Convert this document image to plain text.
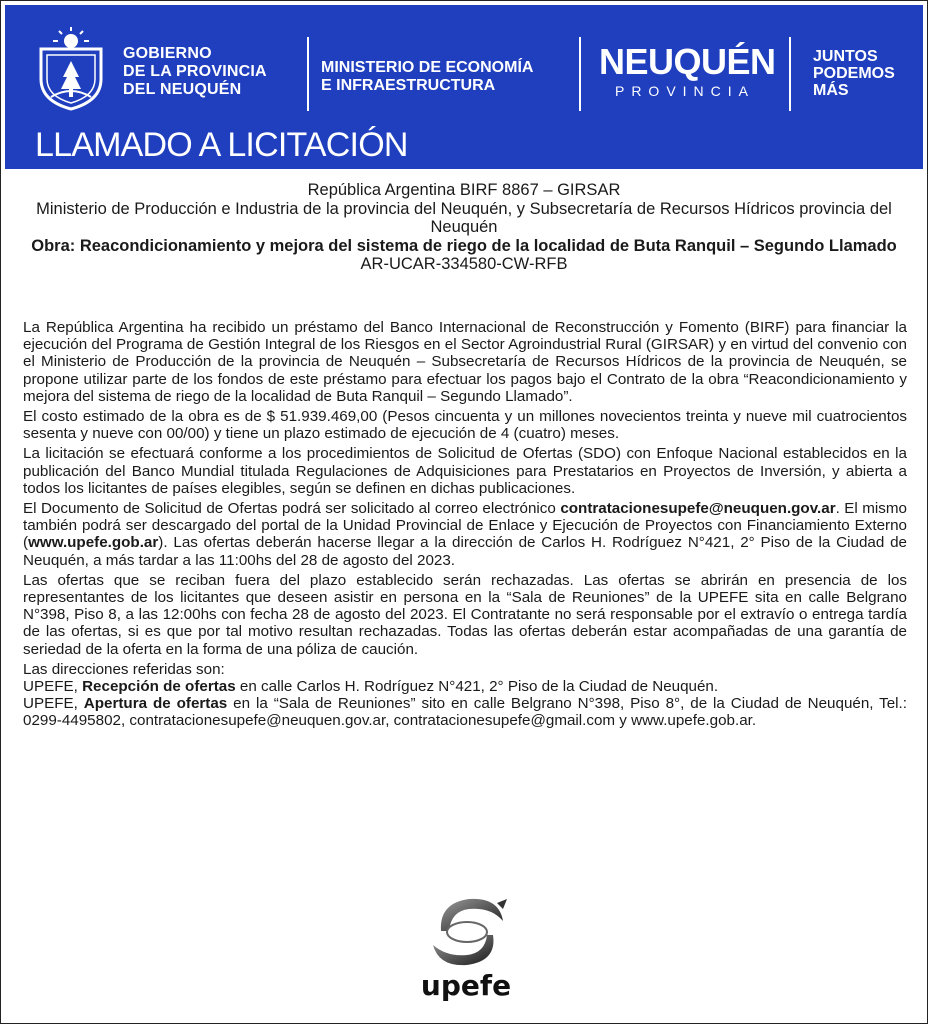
GOBIERNO
DE LA PROVINCIA
DEL NEUQUÉN
MINISTERIO DE ECONOMÍA
E INFRAESTRUCTURA
NEUQUÉN
PROVINCIA
JUNTOS
PODEMOS
MÁS
LLAMADO A LICITACIÓN
República Argentina BIRF 8867 – GIRSAR
Ministerio de Producción e Industria de la provincia del Neuquén, y Subsecretaría de Recursos Hídricos provincia del Neuquén
Obra: Reacondicionamiento y mejora del sistema de riego de la localidad de Buta Ranquil – Segundo Llamado
AR-UCAR-334580-CW-RFB

La República Argentina ha recibido un préstamo del Banco Internacional de Reconstrucción y Fomento (BIRF) para financiar la ejecución del Programa de Gestión Integral de los Riesgos en el Sector Agroindustrial Rural (GIRSAR) y en virtud del convenio con el Ministerio de Producción de la provincia de Neuquén – Subsecretaría de Recursos Hídricos de la provincia de Neuquén, se propone utilizar parte de los fondos de este préstamo para efectuar los pagos bajo el Contrato de la obra “Reacondicionamiento y mejora del sistema de riego de la localidad de Buta Ranquil – Segundo Llamado”.

El costo estimado de la obra es de $ 51.939.469,00 (Pesos cincuenta y un millones novecientos treinta y nueve mil cuatrocientos sesenta y nueve con 00/00) y tiene un plazo estimado de ejecución de 4 (cuatro) meses.

La licitación se efectuará conforme a los procedimientos de Solicitud de Ofertas (SDO) con Enfoque Nacional establecidos en la publicación del Banco Mundial titulada Regulaciones de Adquisiciones para Prestatarios en Proyectos de Inversión, y abierta a todos los licitantes de países elegibles, según se definen en dichas publicaciones.

El Documento de Solicitud de Ofertas podrá ser solicitado al correo electrónico contratacionesupefe@neuquen.gov.ar. El mismo también podrá ser descargado del portal de la Unidad Provincial de Enlace y Ejecución de Proyectos con Financiamiento Externo (www.upefe.gob.ar). Las ofertas deberán hacerse llegar a la dirección de Carlos H. Rodríguez N°421, 2° Piso de la Ciudad de Neuquén, a más tardar a las 11:00hs del 28 de agosto del 2023.

Las ofertas que se reciban fuera del plazo establecido serán rechazadas. Las ofertas se abrirán en presencia de los representantes de los licitantes que deseen asistir en persona en la “Sala de Reuniones” de la UPEFE sita en calle Belgrano N°398, Piso 8, a las 12:00hs con fecha 28 de agosto del 2023. El Contratante no será responsable por el extravío o entrega tardía de las ofertas, si es que por tal motivo resultan rechazadas. Todas las ofertas deberán estar acompañadas de una garantía de seriedad de la oferta en la forma de una póliza de caución.

Las direcciones referidas son:

UPEFE, Recepción de ofertas en calle Carlos H. Rodríguez N°421, 2° Piso de la Ciudad de Neuquén.

UPEFE, Apertura de ofertas en la “Sala de Reuniones” sito en calle Belgrano N°398, Piso 8°, de la Ciudad de Neuquén, Tel.: 0299-4495802, contratacionesupefe@neuquen.gov.ar, contratacionesupefe@gmail.com y www.upefe.gob.ar.

upefe
